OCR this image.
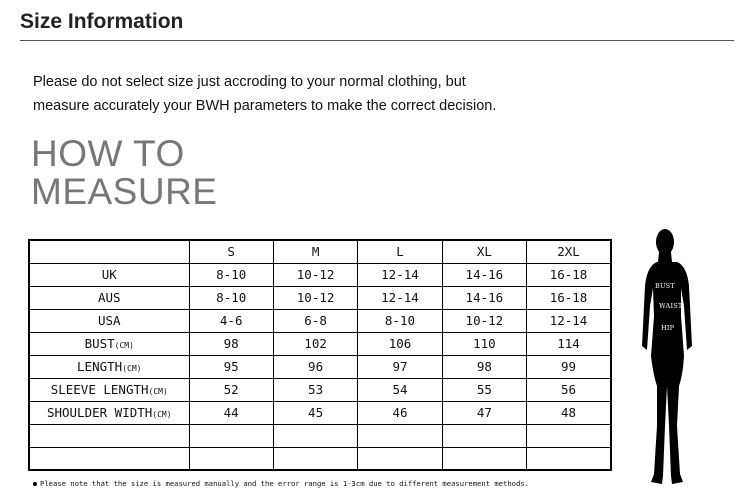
Size Information

Please do not select size just accroding to your normal clothing, but

measure accurately your BWH parameters to make the correct decision.

HOW TO
MEASURE
	S	M	L	XL	2XL
UK	8-10	10-12	12-14	14-16	16-18
AUS	8-10	10-12	12-14	14-16	16-18
USA	4-6	6-8	8-10	10-12	12-14
BUST(CM)	98	102	106	110	114
LENGTH(CM)	95	96	97	98	99
SLEEVE LENGTH(CM)	52	53	54	55	56
SHOULDER WIDTH(CM)	44	45	46	47	48

Please note that the size is measured manually and the error range is 1-3cm due to different measurement methods.
BUST
WAIST
HIP
